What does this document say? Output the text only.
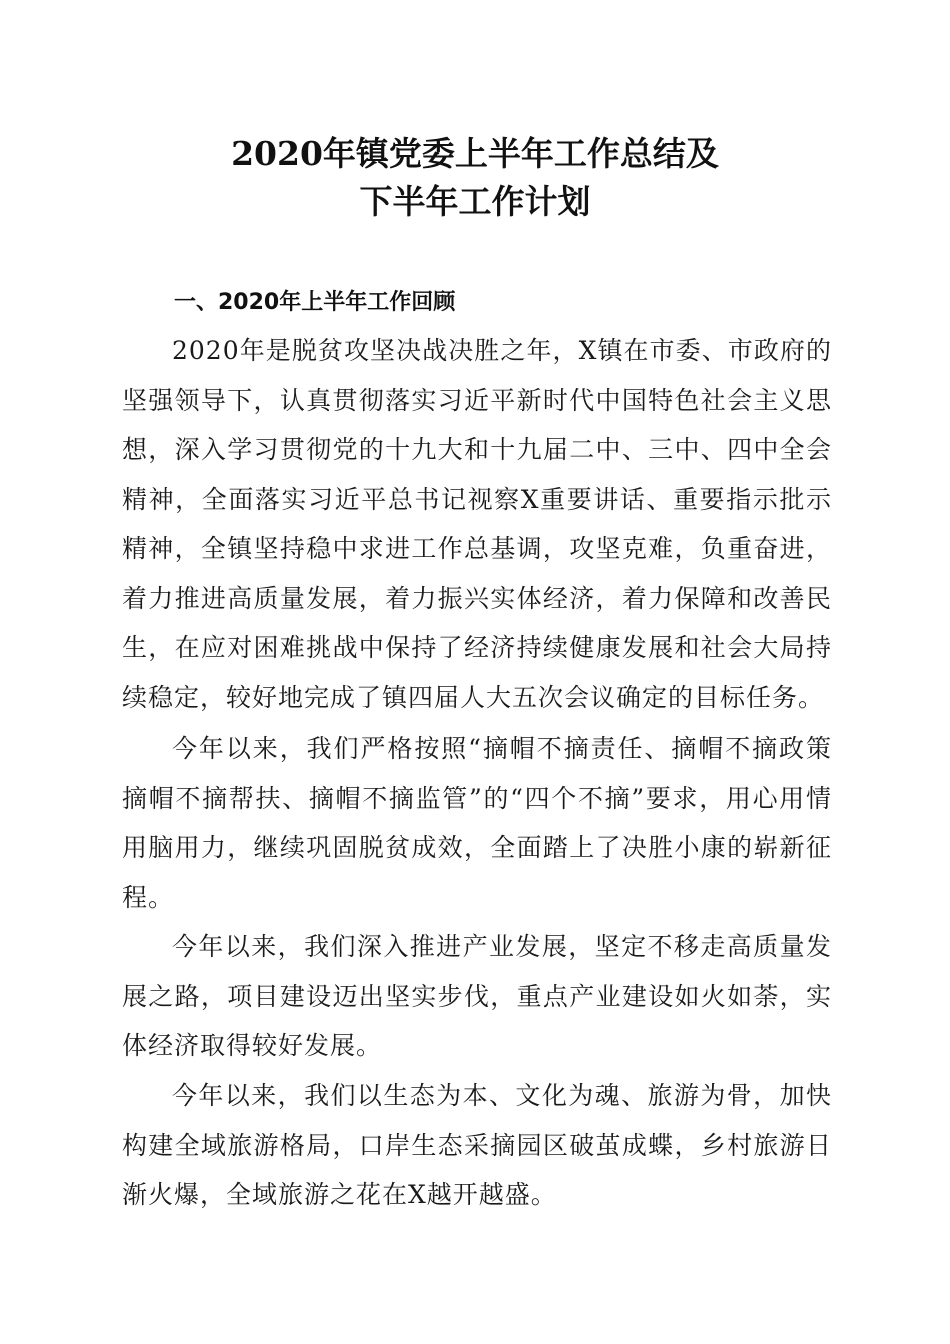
2020年镇党委上半年工作总结及
下半年工作计划
一、2020年上半年工作回顾

2020年是脱贫攻坚决战决胜之年，X镇在市委、市政府的坚强领导下，认真贯彻落实习近平新时代中国特色社会主义思想，深入学习贯彻党的十九大和十九届二中、三中、四中全会精神，全面落实习近平总书记视察X重要讲话、重要指示批示精神，全镇坚持稳中求进工作总基调，攻坚克难，负重奋进，着力推进高质量发展，着力振兴实体经济，着力保障和改善民生，在应对困难挑战中保持了经济持续健康发展和社会大局持续稳定，较好地完成了镇四届人大五次会议确定的目标任务。

今年以来，我们严格按照“摘帽不摘责任、摘帽不摘政策摘帽不摘帮扶、摘帽不摘监管”的“四个不摘”要求，用心用情用脑用力，继续巩固脱贫成效，全面踏上了决胜小康的崭新征程。

今年以来，我们深入推进产业发展，坚定不移走高质量发展之路，项目建设迈出坚实步伐，重点产业建设如火如荼，实体经济取得较好发展。

今年以来，我们以生态为本、文化为魂、旅游为骨，加快构建全域旅游格局，口岸生态采摘园区破茧成蝶，乡村旅游日渐火爆，全域旅游之花在X越开越盛。
